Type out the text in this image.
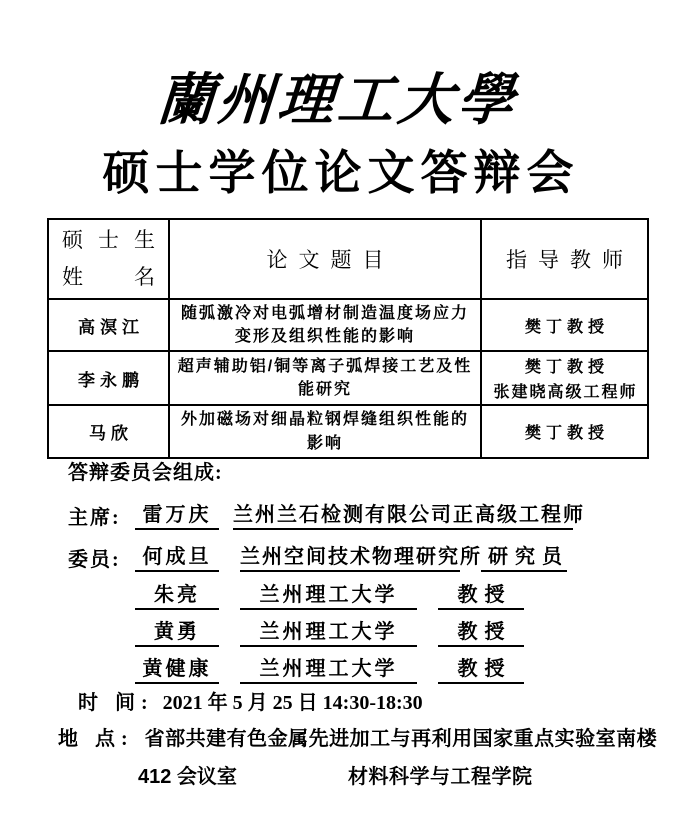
蘭州理工大學
硕士学位论文答辩会
硕士生
姓名	论文题目	指导教师
高溟江	随弧激冷对电弧增材制造温度场应力变形及组织性能的影响	樊丁教授
李永鹏	超声辅助铝/铜等离子弧焊接工艺及性能研究	樊丁教授
张建晓高级工程师

马欣	外加磁场对细晶粒钢焊缝组织性能的影响	樊丁教授
答辩委员会组成:
主席: 雷万庆 兰州兰石检测有限公司正高级工程师
委员: 何成旦 兰州空间技术物理研究所 研究员
朱亮	兰州理工大学	教授
黄勇	兰州理工大学	教授
黄健康 兰州理工大学	教授
时 间: 2021 年 5 月 25 日 14:30-18:30
地 点: 省部共建有色金属先进加工与再利用国家重点实验室南楼
412 会议室	材料科学与工程学院
